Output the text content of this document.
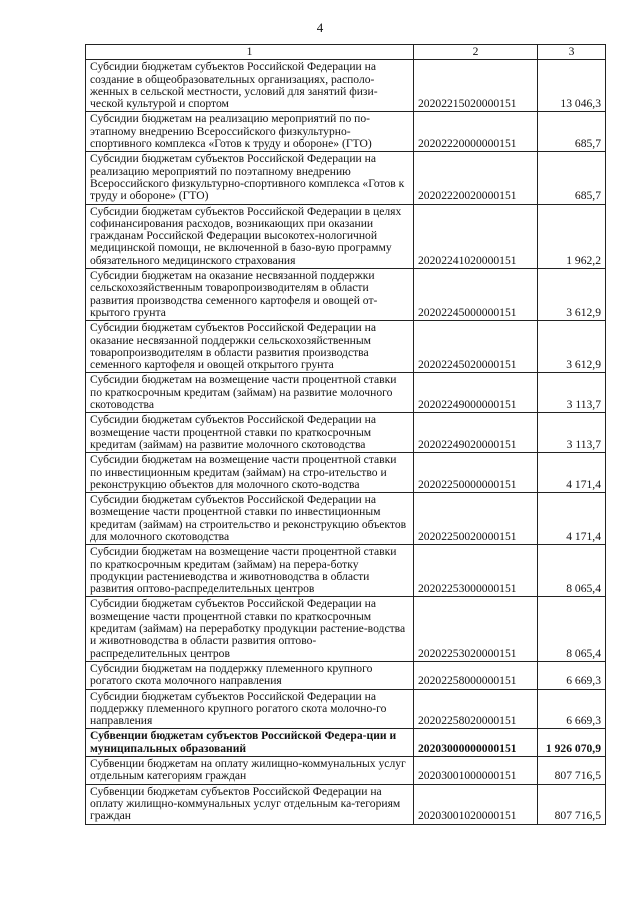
4
1	2	3
Субсидии бюджетам субъектов Российской Федерации на создание в общеобразовательных организациях, располо-женных в сельской местности, условий для занятий физи-ческой культурой и спортом	20202215020000151	13 046,3
Субсидии бюджетам на реализацию мероприятий по по-этапному внедрению Всероссийского физкультурно-спортивного комплекса «Готов к труду и обороне» (ГТО)	20202220000000151	685,7
Субсидии бюджетам субъектов Российской Федерации на реализацию мероприятий по поэтапному внедрению Всероссийского физкультурно-спортивного комплекса «Готов к труду и обороне» (ГТО)	20202220020000151	685,7
Субсидии бюджетам субъектов Российской Федерации в целях софинансирования расходов, возникающих при оказании гражданам Российской Федерации высокотех-нологичной медицинской помощи, не включенной в базо-вую программу обязательного медицинского страхования	20202241020000151	1 962,2
Субсидии бюджетам на оказание несвязанной поддержки сельскохозяйственным товаропроизводителям в области развития производства семенного картофеля и овощей от-крытого грунта	20202245000000151	3 612,9
Субсидии бюджетам субъектов Российской Федерации на оказание несвязанной поддержки сельскохозяйственным товаропроизводителям в области развития производства семенного картофеля и овощей открытого грунта	20202245020000151	3 612,9
Субсидии бюджетам на возмещение части процентной ставки по краткосрочным кредитам (займам) на развитие молочного скотоводства	20202249000000151	3 113,7
Субсидии бюджетам субъектов Российской Федерации на возмещение части процентной ставки по краткосрочным кредитам (займам) на развитие молочного скотоводства	20202249020000151	3 113,7
Субсидии бюджетам на возмещение части процентной ставки по инвестиционным кредитам (займам) на стро-ительство и реконструкцию объектов для молочного ското-водства	20202250000000151	4 171,4
Субсидии бюджетам субъектов Российской Федерации на возмещение части процентной ставки по инвестиционным кредитам (займам) на строительство и реконструкцию объектов для молочного скотоводства	20202250020000151	4 171,4
Субсидии бюджетам на возмещение части процентной ставки по краткосрочным кредитам (займам) на перера-ботку продукции растениеводства и животноводства в области развития оптово-распределительных центров	20202253000000151	8 065,4
Субсидии бюджетам субъектов Российской Федерации на возмещение части процентной ставки по краткосрочным кредитам (займам) на переработку продукции растение-водства и животноводства в области развития оптово-распределительных центров	20202253020000151	8 065,4
Субсидии бюджетам на поддержку племенного крупного рогатого скота молочного направления	20202258000000151	6 669,3
Субсидии бюджетам субъектов Российской Федерации на поддержку племенного крупного рогатого скота молочно-го направления	20202258020000151	6 669,3
Субвенции бюджетам субъектов Российской Федера-ции и муниципальных образований	20203000000000151	1 926 070,9
Субвенции бюджетам на оплату жилищно-коммунальных услуг отдельным категориям граждан	20203001000000151	807 716,5
Субвенции бюджетам субъектов Российской Федерации на оплату жилищно-коммунальных услуг отдельным ка-тегориям граждан	20203001020000151	807 716,5
